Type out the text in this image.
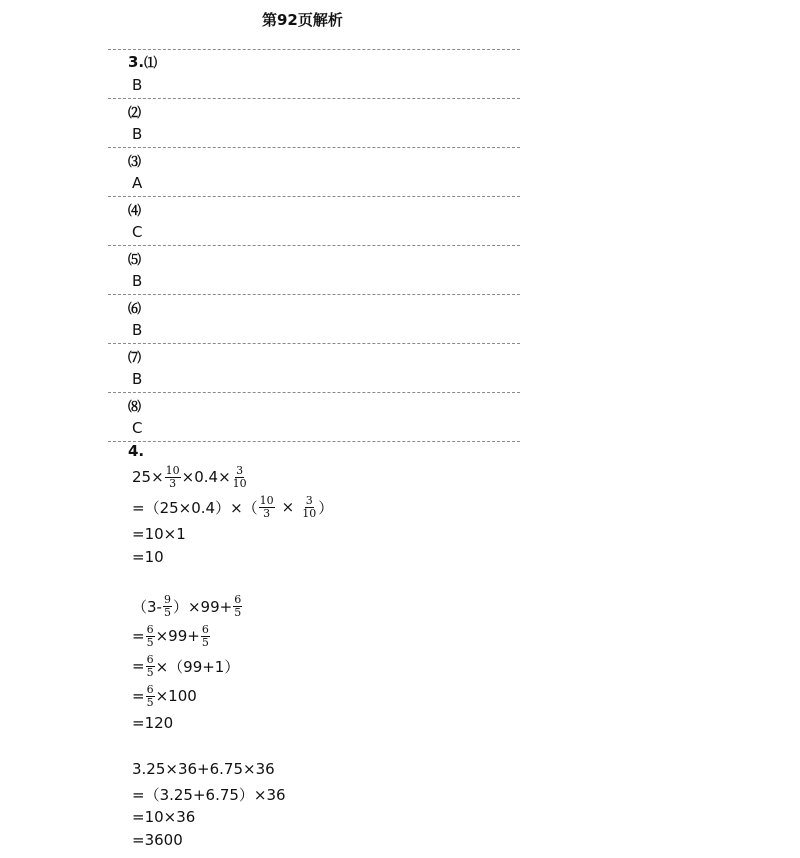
第92页解析
3.⑴
B
⑵
B
⑶
A
⑷
C
⑸
B
⑹
B
⑺
B
⑻
C
4.
$25\times \frac{10}{3} \times 0.4\times \frac{3}{10}$
$=(25\times 0.4)\times( \frac{10}{3} \times \frac{3}{10}$ ）
=10×1
=10
$(3- \frac{9}{5} )\times 99+ \frac{6}{5}$
= $\frac{6}{5} \times 99+ \frac{6}{5}$
= $\frac{6}{5} \times(99+1)$
= $\frac{6}{5} \times 100$
=120
3.25×36+6.75×36
=（3.25+6.75）×36
=10×36
=3600
